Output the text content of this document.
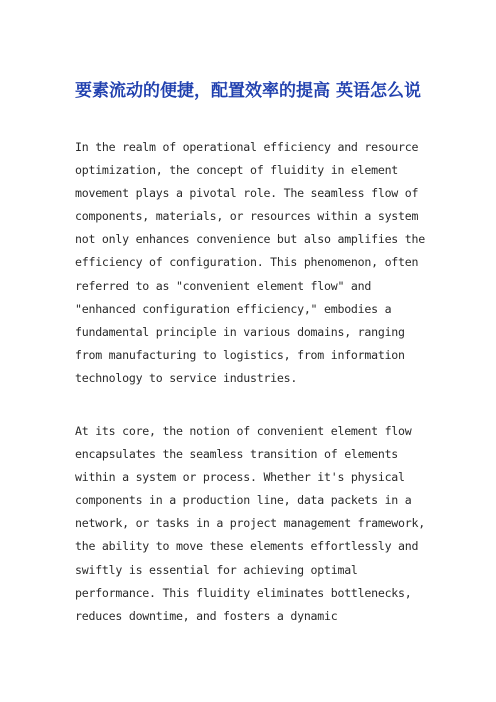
要素流动的便捷，配置效率的提高 英语怎么说

In the realm of operational efficiency and resource optimization, the concept of fluidity in element movement plays a pivotal role. The seamless flow of components, materials, or resources within a system not only enhances convenience but also amplifies the efficiency of configuration. This phenomenon, often referred to as "convenient element flow" and "enhanced configuration efficiency," embodies a fundamental principle in various domains, ranging from manufacturing to logistics, from information technology to service industries.

At its core, the notion of convenient element flow encapsulates the seamless transition of elements within a system or process. Whether it's physical components in a production line, data packets in a network, or tasks in a project management framework, the ability to move these elements effortlessly and swiftly is essential for achieving optimal performance. This fluidity eliminates bottlenecks, reduces downtime, and fosters a dynamic
